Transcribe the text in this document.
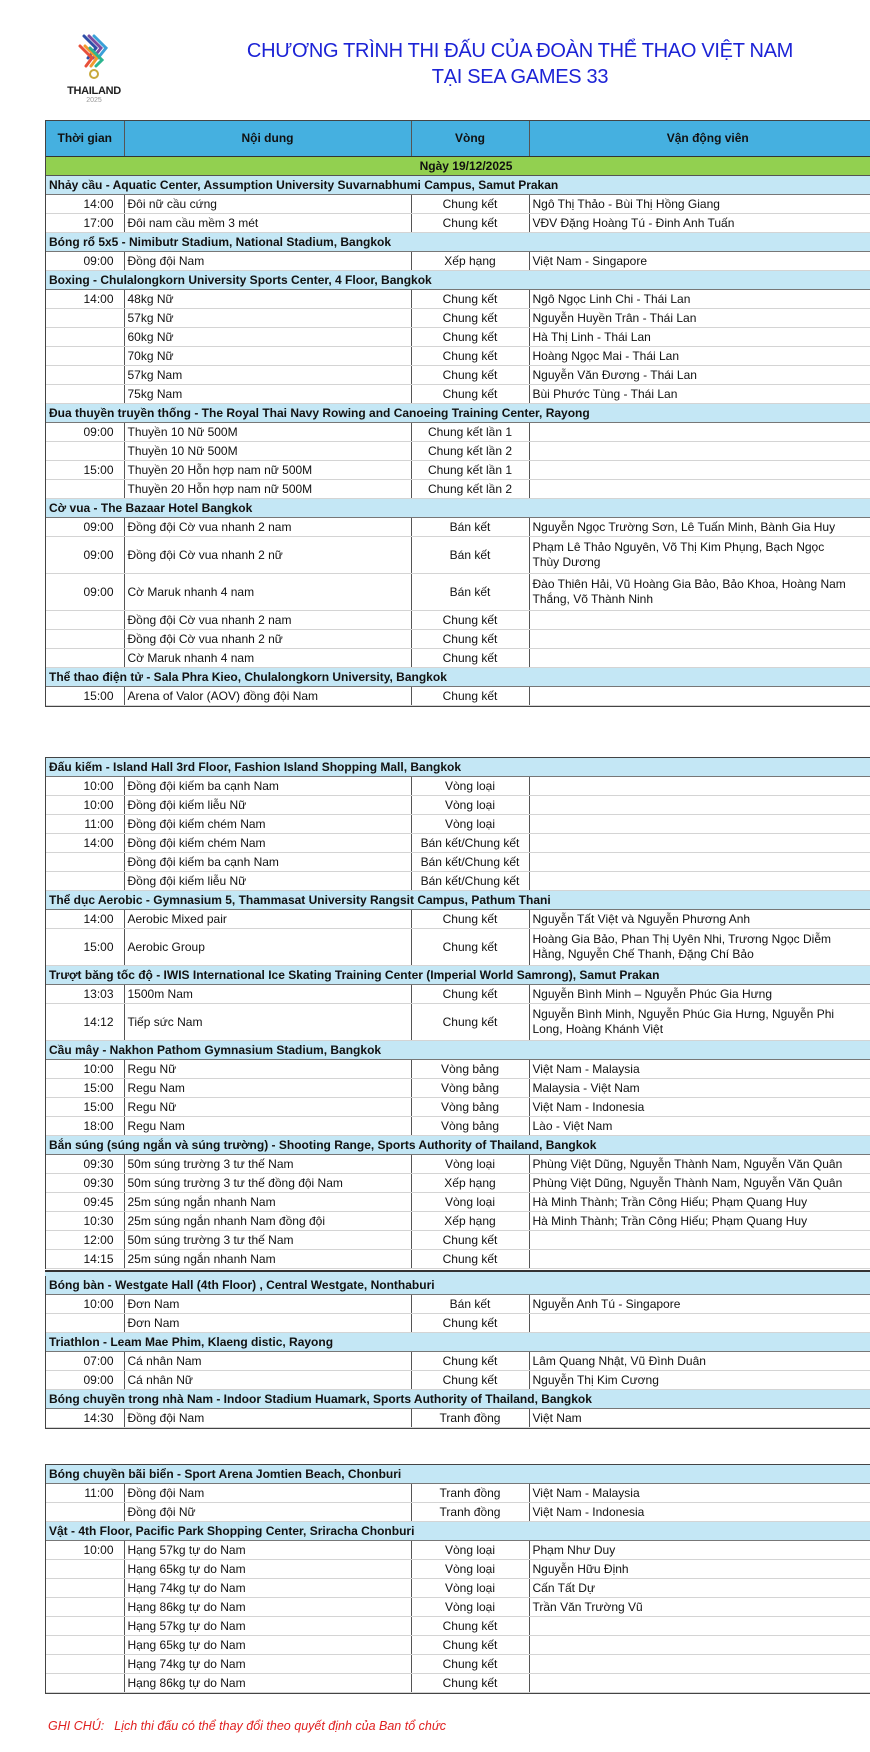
THAILAND
2025
CHƯƠNG TRÌNH THI ĐẤU CỦA ĐOÀN THỂ THAO VIỆT NAM
TẠI SEA GAMES 33
Thời gian	Nội dung	Vòng	Vận động viên
Ngày 19/12/2025			
Nhảy cầu - Aquatic Center, Assumption University Suvarnabhumi Campus, Samut Prakan			
14:00	Đôi nữ cầu cứng	Chung kết	Ngô Thị Thảo - Bùi Thị Hồng Giang
17:00	Đôi nam cầu mềm 3 mét	Chung kết	VĐV Đặng Hoàng Tú - Đinh Anh Tuấn
Bóng rổ 5x5 - Nimibutr Stadium, National Stadium, Bangkok			
09:00	Đồng đội Nam	Xếp hạng	Việt Nam - Singapore
Boxing - Chulalongkorn University Sports Center, 4 Floor, Bangkok			
14:00	48kg Nữ	Chung kết	Ngô Ngọc Linh Chi - Thái Lan
	57kg Nữ	Chung kết	Nguyễn Huyền Trân - Thái Lan
	60kg Nữ	Chung kết	Hà Thị Linh - Thái Lan
	70kg Nữ	Chung kết	Hoàng Ngọc Mai - Thái Lan
	57kg Nam	Chung kết	Nguyễn Văn Đương - Thái Lan
	75kg Nam	Chung kết	Bùi Phước Tùng - Thái Lan
Đua thuyền truyền thống - The Royal Thai Navy Rowing and Canoeing Training Center, Rayong			
09:00	Thuyền 10 Nữ 500M	Chung kết lần 1	
	Thuyền 10 Nữ 500M	Chung kết lần 2	
15:00	Thuyền 20 Hỗn hợp nam nữ 500M	Chung kết lần 1	
	Thuyền 20 Hỗn hợp nam nữ 500M	Chung kết lần 2	
Cờ vua - The Bazaar Hotel Bangkok			
09:00	Đồng đội Cờ vua nhanh 2 nam	Bán kết	Nguyễn Ngọc Trường Sơn, Lê Tuấn Minh, Bành Gia Huy
09:00	Đồng đội Cờ vua nhanh 2 nữ	Bán kết	Phạm Lê Thảo Nguyên, Võ Thị Kim Phụng, Bạch Ngọc
Thùy Dương
09:00	Cờ Maruk nhanh 4 nam	Bán kết	Đào Thiên Hải, Vũ Hoàng Gia Bảo, Bảo Khoa, Hoàng Nam
Thắng, Võ Thành Ninh
	Đồng đội Cờ vua nhanh 2 nam	Chung kết	
	Đồng đội Cờ vua nhanh 2 nữ	Chung kết	
	Cờ Maruk nhanh 4 nam	Chung kết	
Thể thao điện tử - Sala Phra Kieo, Chulalongkorn University, Bangkok			
15:00	Arena of Valor (AOV) đồng đội Nam	Chung kết	
Đấu kiếm - Island Hall 3rd Floor, Fashion Island Shopping Mall, Bangkok			
10:00	Đồng đội kiếm ba cạnh Nam	Vòng loại	
10:00	Đồng đội kiếm liễu Nữ	Vòng loại	
11:00	Đồng đội kiếm chém Nam	Vòng loại	
14:00	Đồng đội kiếm chém Nam	Bán kết/Chung kết	
	Đồng đội kiếm ba cạnh Nam	Bán kết/Chung kết	
	Đồng đội kiếm liễu Nữ	Bán kết/Chung kết	
Thể dục Aerobic - Gymnasium 5, Thammasat University Rangsit Campus, Pathum Thani			
14:00	Aerobic Mixed pair	Chung kết	Nguyễn Tất Việt và Nguyễn Phương Anh
15:00	Aerobic Group	Chung kết	Hoàng Gia Bảo, Phan Thị Uyên Nhi, Trương Ngọc Diễm
Hằng, Nguyễn Chế Thanh, Đặng Chí Bảo
Trượt băng tốc độ - IWIS International Ice Skating Training Center (Imperial World Samrong), Samut Prakan			
13:03	1500m Nam	Chung kết	Nguyễn Bình Minh – Nguyễn Phúc Gia Hưng
14:12	Tiếp sức Nam	Chung kết	Nguyễn Bình Minh, Nguyễn Phúc Gia Hưng, Nguyễn Phi
Long, Hoàng Khánh Việt
Cầu mây - Nakhon Pathom Gymnasium Stadium, Bangkok			
10:00	Regu Nữ	Vòng bảng	Việt Nam - Malaysia
15:00	Regu Nam	Vòng bảng	Malaysia - Việt Nam
15:00	Regu Nữ	Vòng bảng	Việt Nam - Indonesia
18:00	Regu Nam	Vòng bảng	Lào - Việt Nam
Bắn súng (súng ngắn và súng trường) - Shooting Range, Sports Authority of Thailand, Bangkok			
09:30	50m súng trường 3 tư thế Nam	Vòng loại	Phùng Việt Dũng, Nguyễn Thành Nam, Nguyễn Văn Quân
09:30	50m súng trường 3 tư thế đồng đội Nam	Xếp hạng	Phùng Việt Dũng, Nguyễn Thành Nam, Nguyễn Văn Quân
09:45	25m súng ngắn nhanh Nam	Vòng loại	Hà Minh Thành; Trần Công Hiếu; Phạm Quang Huy
10:30	25m súng ngắn nhanh Nam đồng đội	Xếp hạng	Hà Minh Thành; Trần Công Hiếu; Phạm Quang Huy
12:00	50m súng trường 3 tư thế Nam	Chung kết	
14:15	25m súng ngắn nhanh Nam	Chung kết	
Bóng bàn - Westgate Hall (4th Floor) , Central Westgate, Nonthaburi			
10:00	Đơn Nam	Bán kết	Nguyễn Anh Tú - Singapore
	Đơn Nam	Chung kết	
Triathlon - Leam Mae Phim, Klaeng distic, Rayong			
07:00	Cá nhân Nam	Chung kết	Lâm Quang Nhật, Vũ Đình Duân
09:00	Cá nhân Nữ	Chung kết	Nguyễn Thị Kim Cương
Bóng chuyền trong nhà Nam - Indoor Stadium Huamark, Sports Authority of Thailand, Bangkok			
14:30	Đồng đội Nam	Tranh đồng	Việt Nam
Bóng chuyền bãi biển - Sport Arena Jomtien Beach, Chonburi			
11:00	Đồng đội Nam	Tranh đồng	Việt Nam - Malaysia
	Đồng đội Nữ	Tranh đồng	Việt Nam - Indonesia
Vật - 4th Floor, Pacific Park Shopping Center, Sriracha Chonburi			
10:00	Hạng 57kg tự do Nam	Vòng loại	Phạm Như Duy
	Hạng 65kg tự do Nam	Vòng loại	Nguyễn Hữu Định
	Hạng 74kg tự do Nam	Vòng loại	Cấn Tất Dự
	Hạng 86kg tự do Nam	Vòng loại	Trần Văn Trường Vũ
	Hạng 57kg tự do Nam	Chung kết	
	Hạng 65kg tự do Nam	Chung kết	
	Hạng 74kg tự do Nam	Chung kết	
	Hạng 86kg tự do Nam	Chung kết	
GHI CHÚ: Lịch thi đấu có thể thay đổi theo quyết định của Ban tổ chức
